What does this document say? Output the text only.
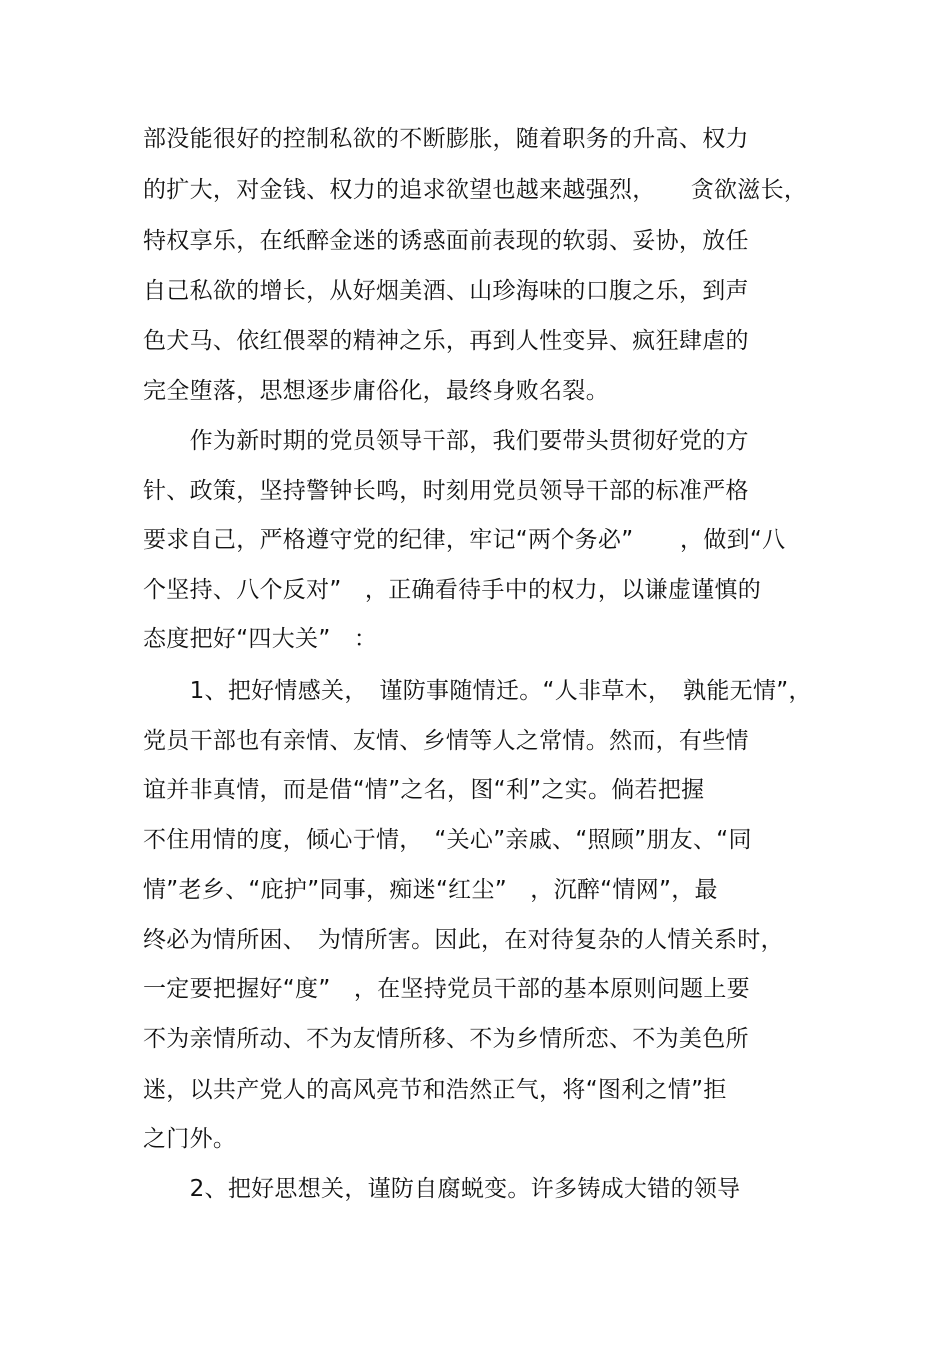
部没能很好的控制私欲的不断膨胀，随着职务的升高、权力
的扩大，对金钱、权力的追求欲望也越来越强烈，　　贪欲滋长，
特权享乐，在纸醉金迷的诱惑面前表现的软弱、妥协，放任
自己私欲的增长，从好烟美酒、山珍海味的口腹之乐，到声
色犬马、依红偎翠的精神之乐，再到人性变异、疯狂肆虐的
完全堕落，思想逐步庸俗化，最终身败名裂。
　　作为新时期的党员领导干部，我们要带头贯彻好党的方
针、政策，坚持警钟长鸣，时刻用党员领导干部的标准严格
要求自己，严格遵守党的纪律，牢记“两个务必”　　，做到“八
个坚持、八个反对”　，正确看待手中的权力，以谦虚谨慎的
态度把好“四大关”　：
　　1、把好情感关，　谨防事随情迁。“人非草木，　孰能无情”，
党员干部也有亲情、友情、乡情等人之常情。然而，有些情
谊并非真情，而是借“情”之名，图“利”之实。倘若把握
不住用情的度，倾心于情，　“关心”亲戚、“照顾”朋友、“同
情”老乡、“庇护”同事，痴迷“红尘”　，沉醉“情网”，最
终必为情所困、　为情所害。因此，在对待复杂的人情关系时，
一定要把握好“度”　，在坚持党员干部的基本原则问题上要
不为亲情所动、不为友情所移、不为乡情所恋、不为美色所
迷，以共产党人的高风亮节和浩然正气，将“图利之情”拒
之门外。
　　2、把好思想关，谨防自腐蜕变。许多铸成大错的领导
